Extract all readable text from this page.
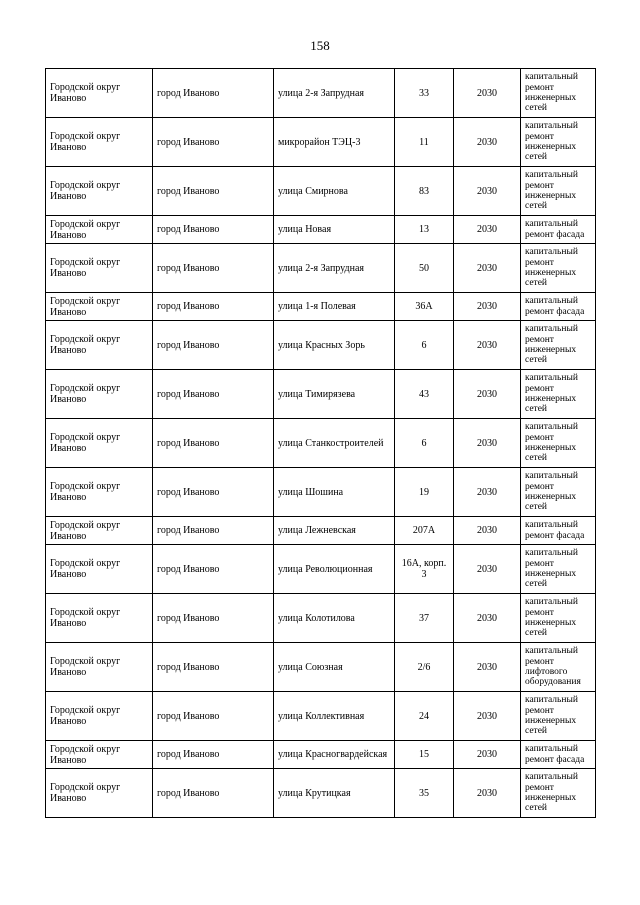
158
Городской округ Иваново	город Иваново	улица 2-я Запрудная	33	2030	капитальный ремонт инженерных сетей
Городской округ Иваново	город Иваново	микрорайон ТЭЦ-3	11	2030	капитальный ремонт инженерных сетей
Городской округ Иваново	город Иваново	улица Смирнова	83	2030	капитальный ремонт инженерных сетей
Городской округ Иваново	город Иваново	улица Новая	13	2030	капитальный ремонт фасада
Городской округ Иваново	город Иваново	улица 2-я Запрудная	50	2030	капитальный ремонт инженерных сетей
Городской округ Иваново	город Иваново	улица 1-я Полевая	36А	2030	капитальный ремонт фасада
Городской округ Иваново	город Иваново	улица Красных Зорь	6	2030	капитальный ремонт инженерных сетей
Городской округ Иваново	город Иваново	улица Тимирязева	43	2030	капитальный ремонт инженерных сетей
Городской округ Иваново	город Иваново	улица Станкостроителей	6	2030	капитальный ремонт инженерных сетей
Городской округ Иваново	город Иваново	улица Шошина	19	2030	капитальный ремонт инженерных сетей
Городской округ Иваново	город Иваново	улица Лежневская	207А	2030	капитальный ремонт фасада
Городской округ Иваново	город Иваново	улица Революционная	16А, корп. 3	2030	капитальный ремонт инженерных сетей
Городской округ Иваново	город Иваново	улица Колотилова	37	2030	капитальный ремонт инженерных сетей
Городской округ Иваново	город Иваново	улица Союзная	2/6	2030	капитальный ремонт лифтового оборудования
Городской округ Иваново	город Иваново	улица Коллективная	24	2030	капитальный ремонт инженерных сетей
Городской округ Иваново	город Иваново	улица Красногвардейская	15	2030	капитальный ремонт фасада
Городской округ Иваново	город Иваново	улица Крутицкая	35	2030	капитальный ремонт инженерных сетей
